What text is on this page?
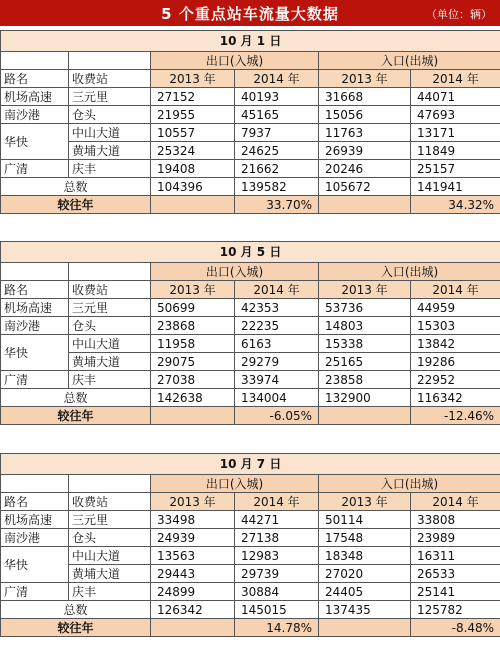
5 个重点站车流量大数据	（单位：辆）
10 月 1 日					
		出口(入城)		入口(出城)	
路名	收费站	2013 年	2014 年	2013 年	2014 年
机场高速	三元里	27152	40193	31668	44071
南沙港	仓头	21955	45165	15056	47693
华快	中山大道	10557	7937	11763	13171
	黄埔大道	25324	24625	26939	11849
广清	庆丰	19408	21662	20246	25157
总数		104396	139582	105672	141941
较往年			33.70%		34.32%
10 月 5 日					
		出口(入城)		入口(出城)	
路名	收费站	2013 年	2014 年	2013 年	2014 年
机场高速	三元里	50699	42353	53736	44959
南沙港	仓头	23868	22235	14803	15303
华快	中山大道	11958	6163	15338	13842
	黄埔大道	29075	29279	25165	19286
广清	庆丰	27038	33974	23858	22952
总数		142638	134004	132900	116342
较往年			-6.05%		-12.46%
10 月 7 日					
		出口(入城)		入口(出城)	
路名	收费站	2013 年	2014 年	2013 年	2014 年
机场高速	三元里	33498	44271	50114	33808
南沙港	仓头	24939	27138	17548	23989
华快	中山大道	13563	12983	18348	16311
	黄埔大道	29443	29739	27020	26533
广清	庆丰	24899	30884	24405	25141
总数		126342	145015	137435	125782
较往年			14.78%		-8.48%
